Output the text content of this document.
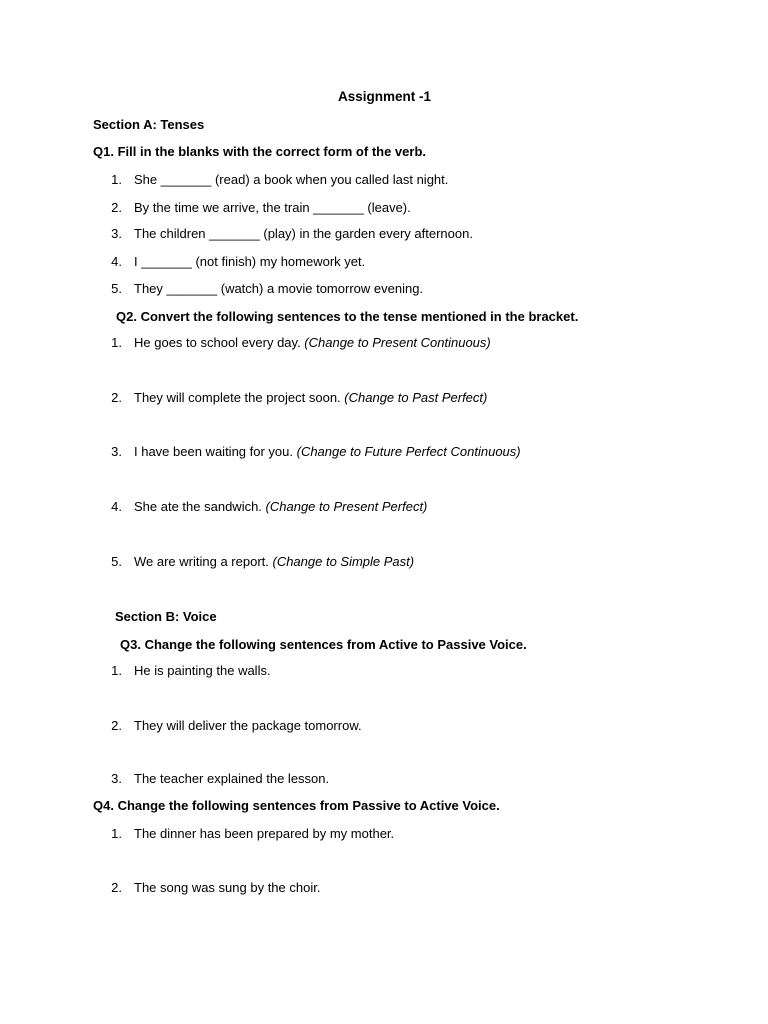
Assignment -1
Section A: Tenses
Q1. Fill in the blanks with the correct form of the verb.
1. She _______ (read) a book when you called last night.
2. By the time we arrive, the train _______ (leave).
3. The children _______ (play) in the garden every afternoon.
4. I _______ (not finish) my homework yet.
5. They _______ (watch) a movie tomorrow evening.
Q2. Convert the following sentences to the tense mentioned in the bracket.
1. He goes to school every day. (Change to Present Continuous)
2. They will complete the project soon. (Change to Past Perfect)
3. I have been waiting for you. (Change to Future Perfect Continuous)
4. She ate the sandwich. (Change to Present Perfect)
5. We are writing a report. (Change to Simple Past)
Section B: Voice
Q3. Change the following sentences from Active to Passive Voice.
1. He is painting the walls.
2. They will deliver the package tomorrow.
3. The teacher explained the lesson.
Q4. Change the following sentences from Passive to Active Voice.
1. The dinner has been prepared by my mother.
2. The song was sung by the choir.
